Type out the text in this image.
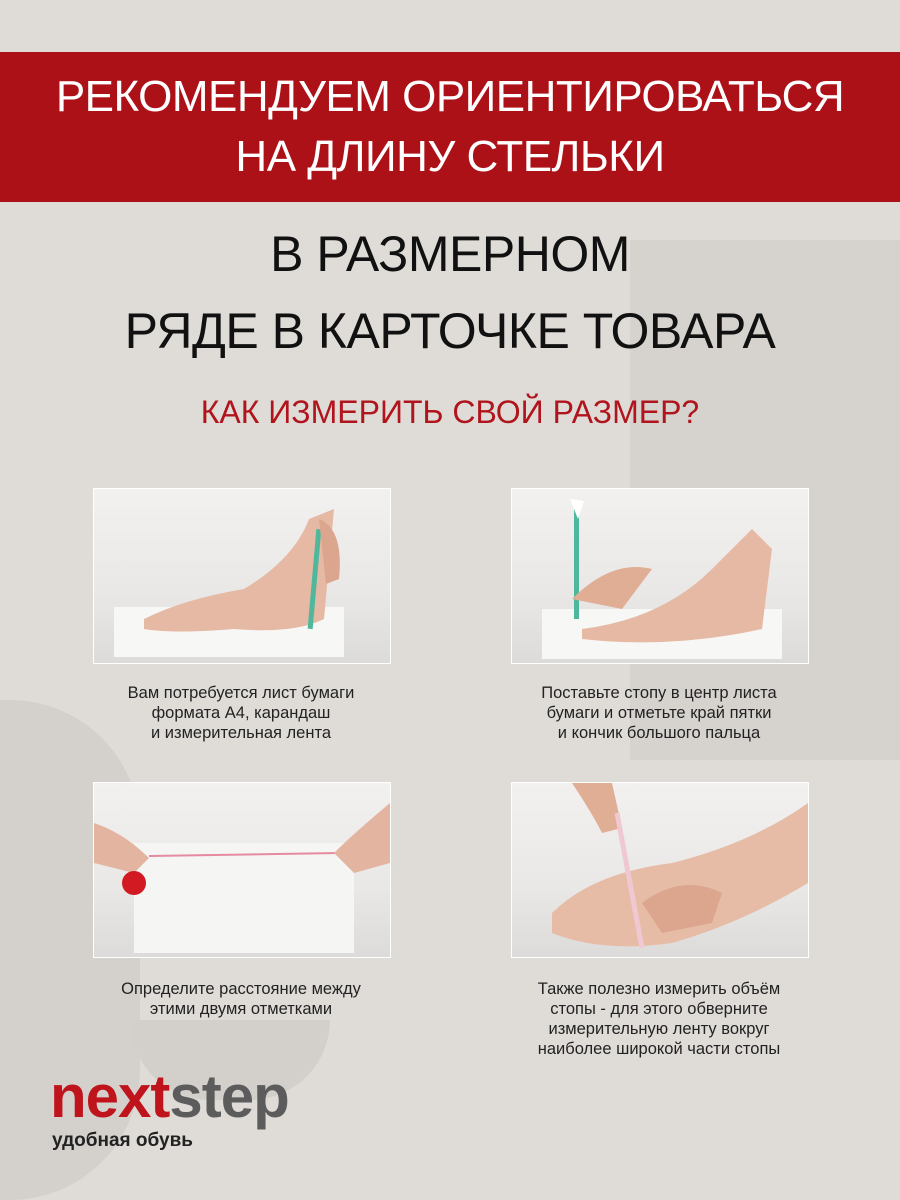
РЕКОМЕНДУЕМ ОРИЕНТИРОВАТЬСЯ
НА ДЛИНУ СТЕЛЬКИ
В РАЗМЕРНОМ
РЯДЕ В КАРТОЧКЕ ТОВАРА
КАК ИЗМЕРИТЬ СВОЙ РАЗМЕР?
Вам потребуется лист бумаги
формата А4, карандаш
и измерительная лента
Поставьте стопу в центр листа
бумаги и отметьте край пятки
и кончик большого пальца
Определите расстояние между
этими двумя отметками
Также полезно измерить объём
стопы - для этого обверните
измерительную ленту вокруг
наиболее широкой части стопы
nextstep
удобная обувь
